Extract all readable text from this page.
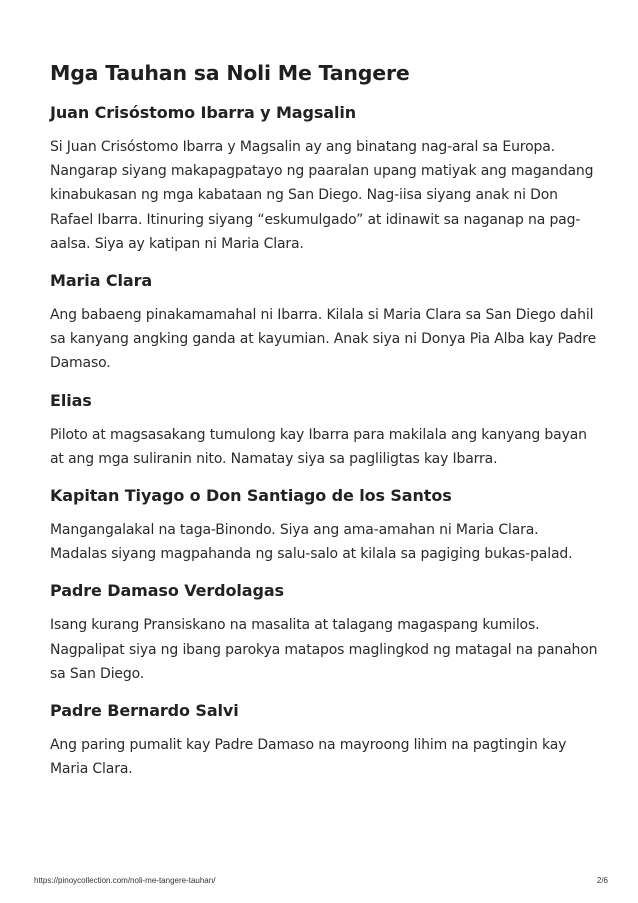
Mga Tauhan sa Noli Me Tangere
Juan Crisóstomo Ibarra y Magsalin

Si Juan Crisóstomo Ibarra y Magsalin ay ang binatang nag-aral sa Europa. Nangarap siyang makapagpatayo ng paaralan upang matiyak ang magandang kinabukasan ng mga kabataan ng San Diego. Nag-iisa siyang anak ni Don Rafael Ibarra. Itinuring siyang “eskumulgado” at idinawit sa naganap na pag-aalsa. Siya ay katipan ni Maria Clara.

Maria Clara

Ang babaeng pinakamamahal ni Ibarra. Kilala si Maria Clara sa San Diego dahil sa kanyang angking ganda at kayumian. Anak siya ni Donya Pia Alba kay Padre Damaso.

Elias

Piloto at magsasakang tumulong kay Ibarra para makilala ang kanyang bayan at ang mga suliranin nito. Namatay siya sa pagliligtas kay Ibarra.

Kapitan Tiyago o Don Santiago de los Santos

Mangangalakal na taga-Binondo. Siya ang ama-amahan ni Maria Clara. Madalas siyang magpahanda ng salu-salo at kilala sa pagiging bukas-palad.

Padre Damaso Verdolagas

Isang kurang Pransiskano na masalita at talagang magaspang kumilos. Nagpalipat siya ng ibang parokya matapos maglingkod ng matagal na panahon sa San Diego.

Padre Bernardo Salvi

Ang paring pumalit kay Padre Damaso na mayroong lihim na pagtingin kay Maria Clara.

https://pinoycollection.com/noli-me-tangere-tauhan/	2/6
